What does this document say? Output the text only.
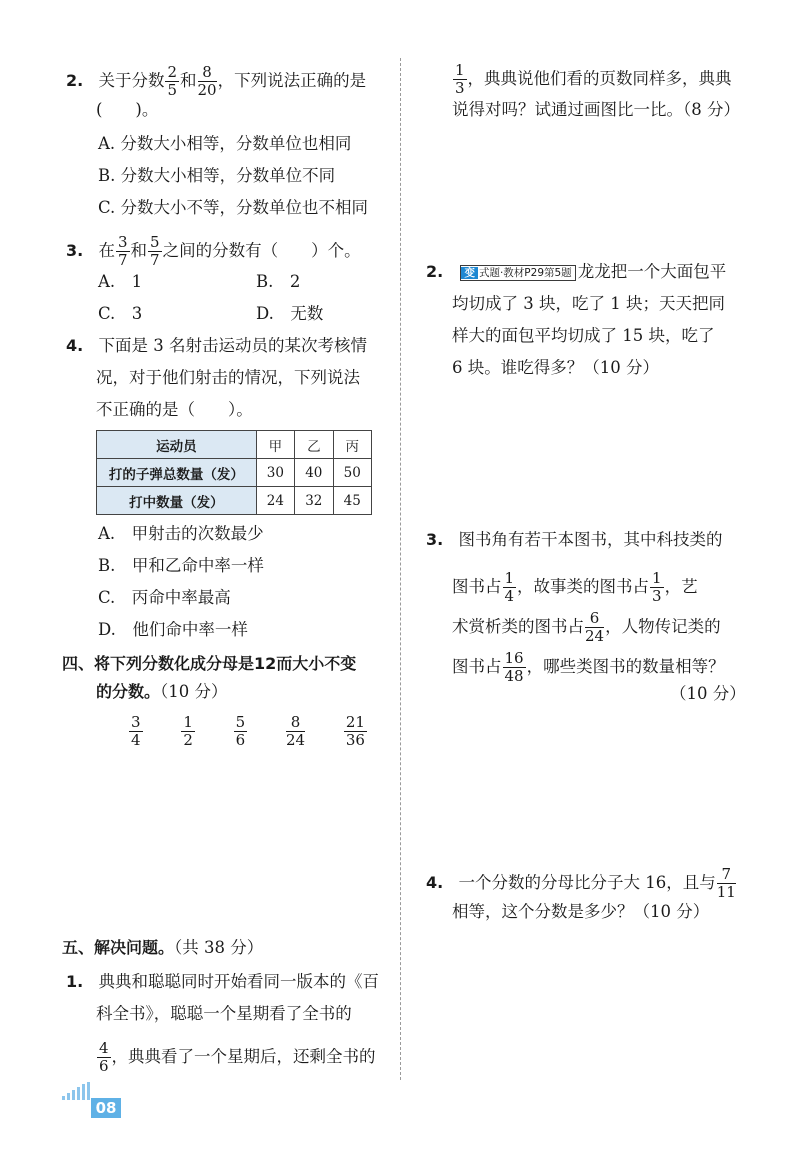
2. 关于分数 $\frac{2}{5}$ 和 $\frac{8}{20}$ ，下列说法正确的是
(　　)。
A. 分数大小相等，分数单位也相同
B. 分数大小相等，分数单位不同
C. 分数大小不等，分数单位也不相同
3. 在 $\frac{3}{7}$ 和 $\frac{5}{7}$ 之间的分数有（　　）个。
A.　1	B.　2
C.　3	D.　无数
4. 下面是 3 名射击运动员的某次考核情
况，对于他们射击的情况，下列说法
不正确的是（　　）。
运动员	甲	乙	丙
打的子弹总数量（发）	30	40	50
打中数量（发）	24	32	45
A.　甲射击的次数最少
B.　甲和乙命中率一样
C.　丙命中率最高
D.　他们命中率一样
四、将下列分数化成分母是12而大小不变
的分数。（10 分）
$\frac{3}{4}$	$\frac{1}{2}$	$\frac{5}{6}$	$\frac{8}{24}$	$\frac{21}{36}$
五、解决问题。（共 38 分）
1. 典典和聪聪同时开始看同一版本的《百
科全书》，聪聪一个星期看了全书的
$\frac{4}{6}$ ，典典看了一个星期后，还剩全书的
$\frac{1}{3}$ ，典典说他们看的页数同样多，典典
说得对吗？试通过画图比一比。（8 分）
2. 变 式题·教材P29第5题 龙龙把一个大面包平
均切成了 3 块，吃了 1 块；天天把同
样大的面包平均切成了 15 块，吃了
6 块。谁吃得多？（10 分）
3. 图书角有若干本图书，其中科技类的
图书占 $\frac{1}{4}$ ，故事类的图书占 $\frac{1}{3}$ ，艺
术赏析类的图书占 $\frac{6}{24}$ ，人物传记类的
图书占 $\frac{16}{48}$ ，哪些类图书的数量相等？
（10 分）
4. 一个分数的分母比分子大 16，且与 $\frac{7}{11}$
相等，这个分数是多少？（10 分）
08
